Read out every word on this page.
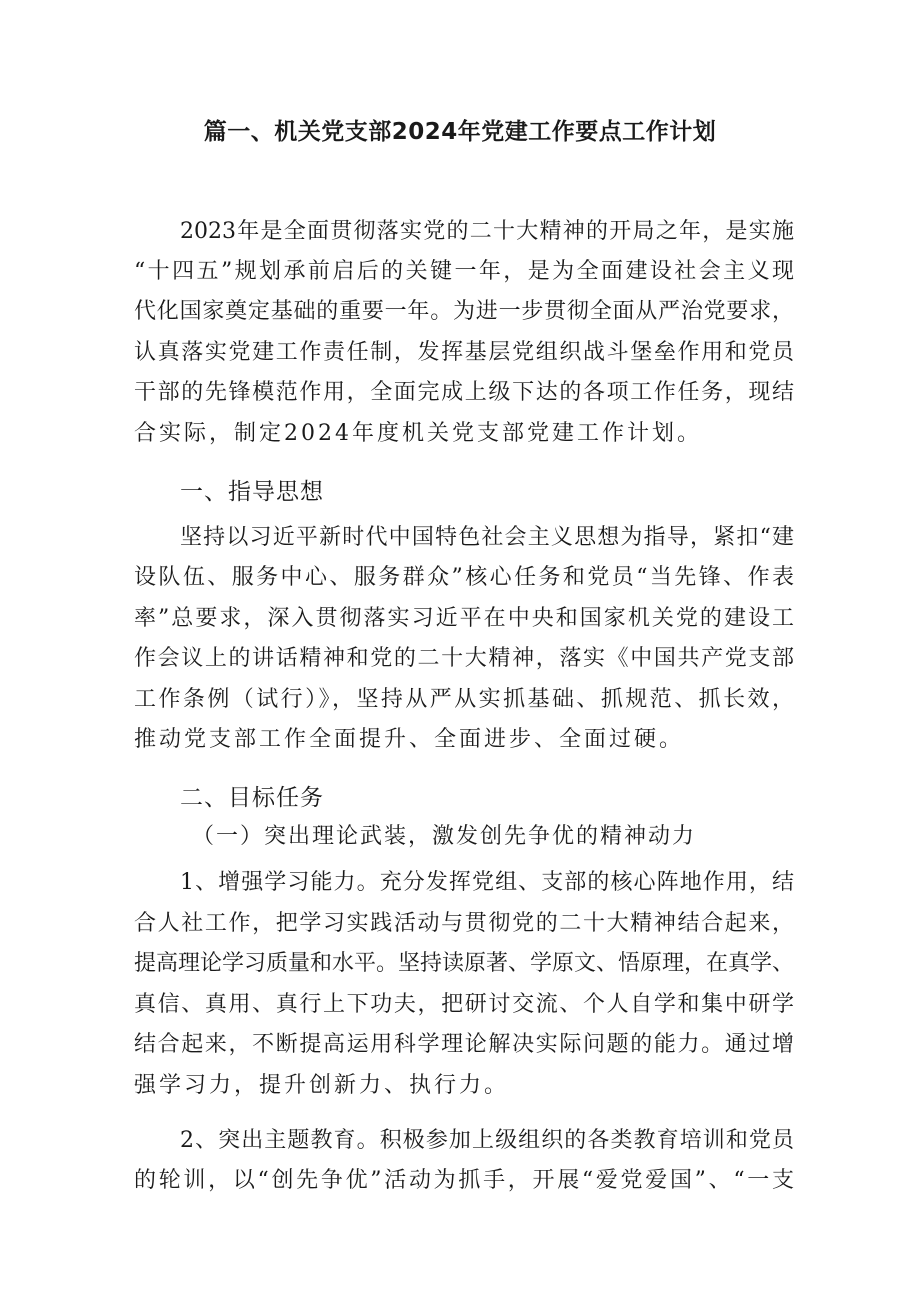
篇一、机关党支部2024年党建工作要点工作计划
2023年是全面贯彻落实党的二十大精神的开局之年，是实施
“十四五”规划承前启后的关键一年，是为全面建设社会主义现
代化国家奠定基础的重要一年。为进一步贯彻全面从严治党要求，
认真落实党建工作责任制，发挥基层党组织战斗堡垒作用和党员
干部的先锋模范作用，全面完成上级下达的各项工作任务，现结
合实际，制定2024年度机关党支部党建工作计划。
一、指导思想
坚持以习近平新时代中国特色社会主义思想为指导，紧扣“建
设队伍、服务中心、服务群众”核心任务和党员“当先锋、作表
率”总要求，深入贯彻落实习近平在中央和国家机关党的建设工
作会议上的讲话精神和党的二十大精神，落实《中国共产党支部
工作条例（试行）》，坚持从严从实抓基础、抓规范、抓长效，
推动党支部工作全面提升、全面进步、全面过硬。
二、目标任务
（一）突出理论武装，激发创先争优的精神动力
1、增强学习能力。充分发挥党组、支部的核心阵地作用，结
合人社工作，把学习实践活动与贯彻党的二十大精神结合起来，
提高理论学习质量和水平。坚持读原著、学原文、悟原理，在真学、
真信、真用、真行上下功夫，把研讨交流、个人自学和集中研学
结合起来，不断提高运用科学理论解决实际问题的能力。通过增
强学习力，提升创新力、执行力。
2、突出主题教育。积极参加上级组织的各类教育培训和党员
的轮训，以“创先争优”活动为抓手，开展“爱党爱国”、“一支
